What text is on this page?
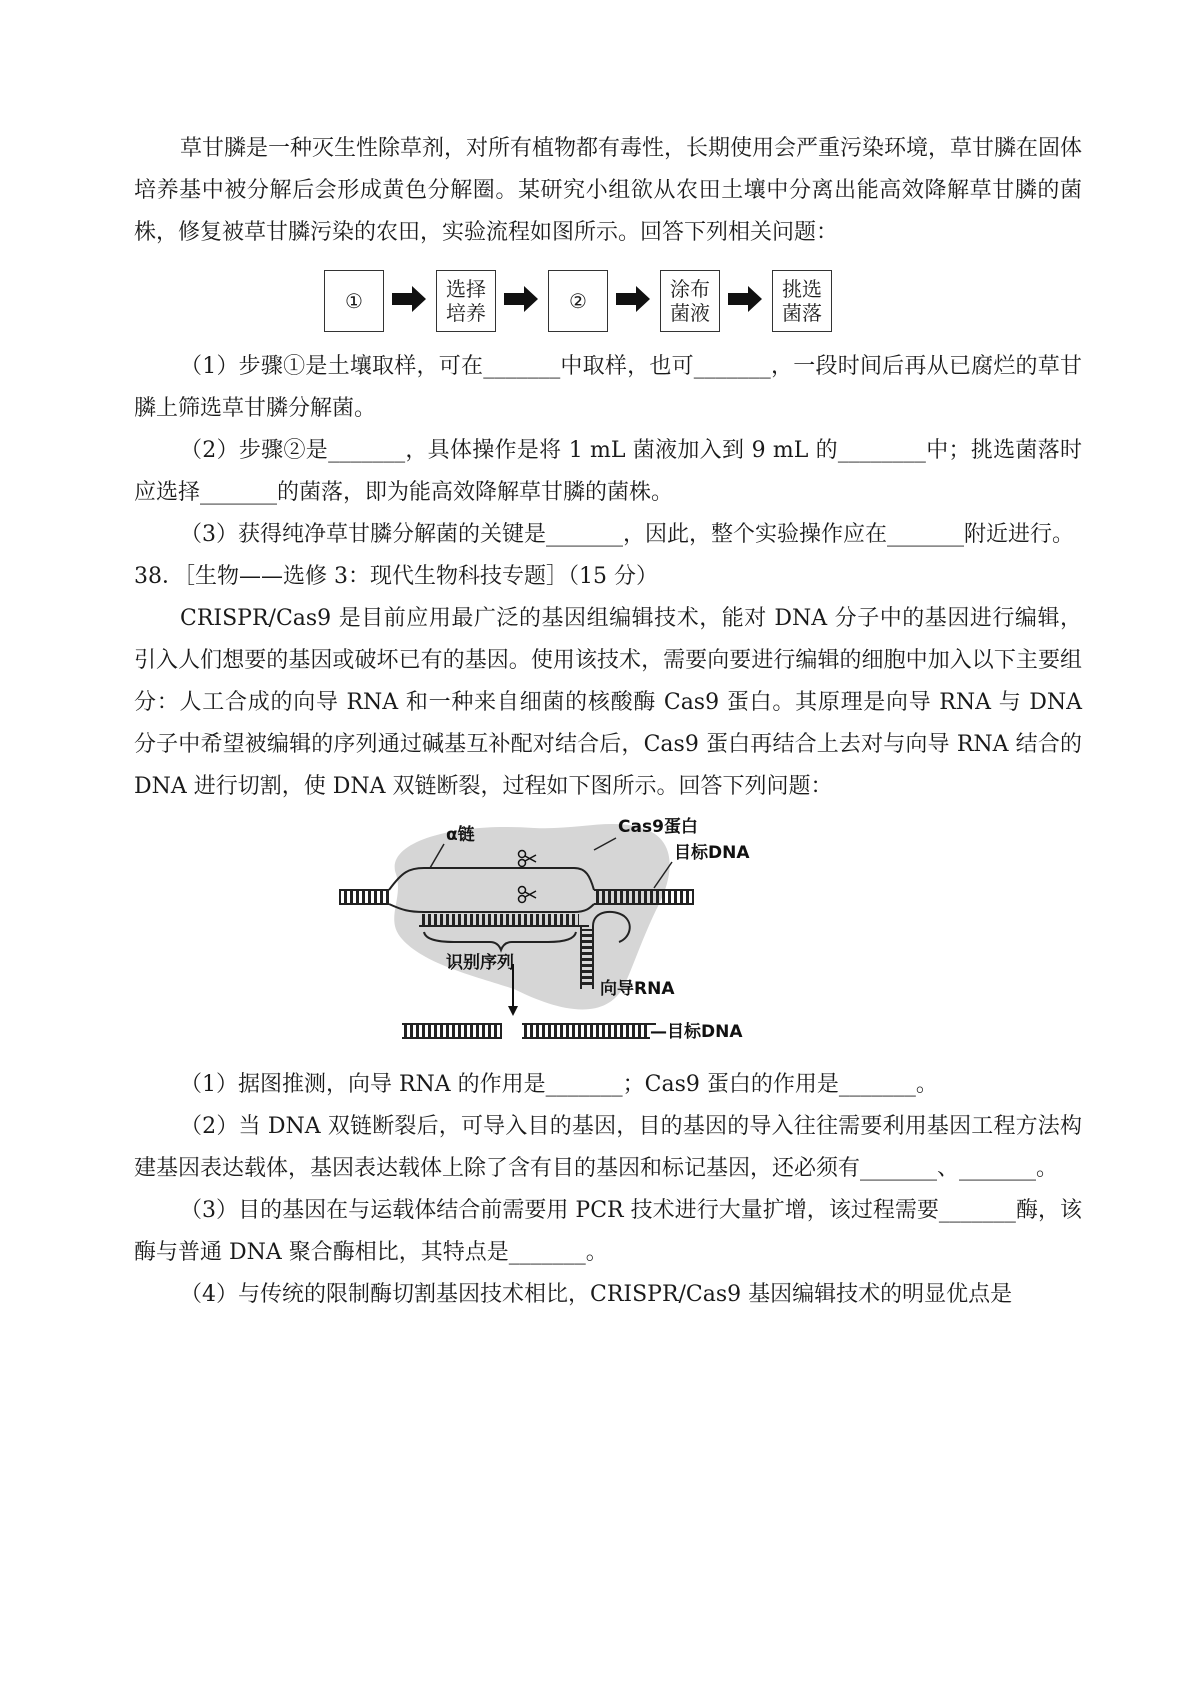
草甘膦是一种灭生性除草剂，对所有植物都有毒性，长期使用会严重污染环境，草甘膦在固体培养基中被分解后会形成黄色分解圈。某研究小组欲从农田土壤中分离出能高效降解草甘膦的菌株，修复被草甘膦污染的农田，实验流程如图所示。回答下列相关问题：

①	选择
培养	②	涂布
菌液
挑选
菌落

（1）步骤①是土壤取样，可在_______中取样，也可_______，一段时间后再从已腐烂的草甘膦上筛选草甘膦分解菌。

（2）步骤②是_______，具体操作是将 1 mL 菌液加入到 9 mL 的________中；挑选菌落时应选择_______的菌落，即为能高效降解草甘膦的菌株。

（3）获得纯净草甘膦分解菌的关键是_______，因此，整个实验操作应在_______附近进行。

38．［生物——选修 3：现代生物科技专题］（15 分）

CRISPR/Cas9 是目前应用最广泛的基因组编辑技术，能对 DNA 分子中的基因进行编辑，引入人们想要的基因或破坏已有的基因。使用该技术，需要向要进行编辑的细胞中加入以下主要组分：人工合成的向导 RNA 和一种来自细菌的核酸酶 Cas9 蛋白。其原理是向导 RNA 与 DNA 分子中希望被编辑的序列通过碱基互补配对结合后，Cas9 蛋白再结合上去对与向导 RNA 结合的 DNA 进行切割，使 DNA 双链断裂，过程如下图所示。回答下列问题：

α链	Cas9蛋白
目标DNA
识别序列
向导RNA
—目标DNA

（1）据图推测，向导 RNA 的作用是_______；Cas9 蛋白的作用是_______。

（2）当 DNA 双链断裂后，可导入目的基因，目的基因的导入往往需要利用基因工程方法构建基因表达载体，基因表达载体上除了含有目的基因和标记基因，还必须有_______、_______。

（3）目的基因在与运载体结合前需要用 PCR 技术进行大量扩增，该过程需要_______酶，该酶与普通 DNA 聚合酶相比，其特点是_______。

（4）与传统的限制酶切割基因技术相比，CRISPR/Cas9 基因编辑技术的明显优点是
